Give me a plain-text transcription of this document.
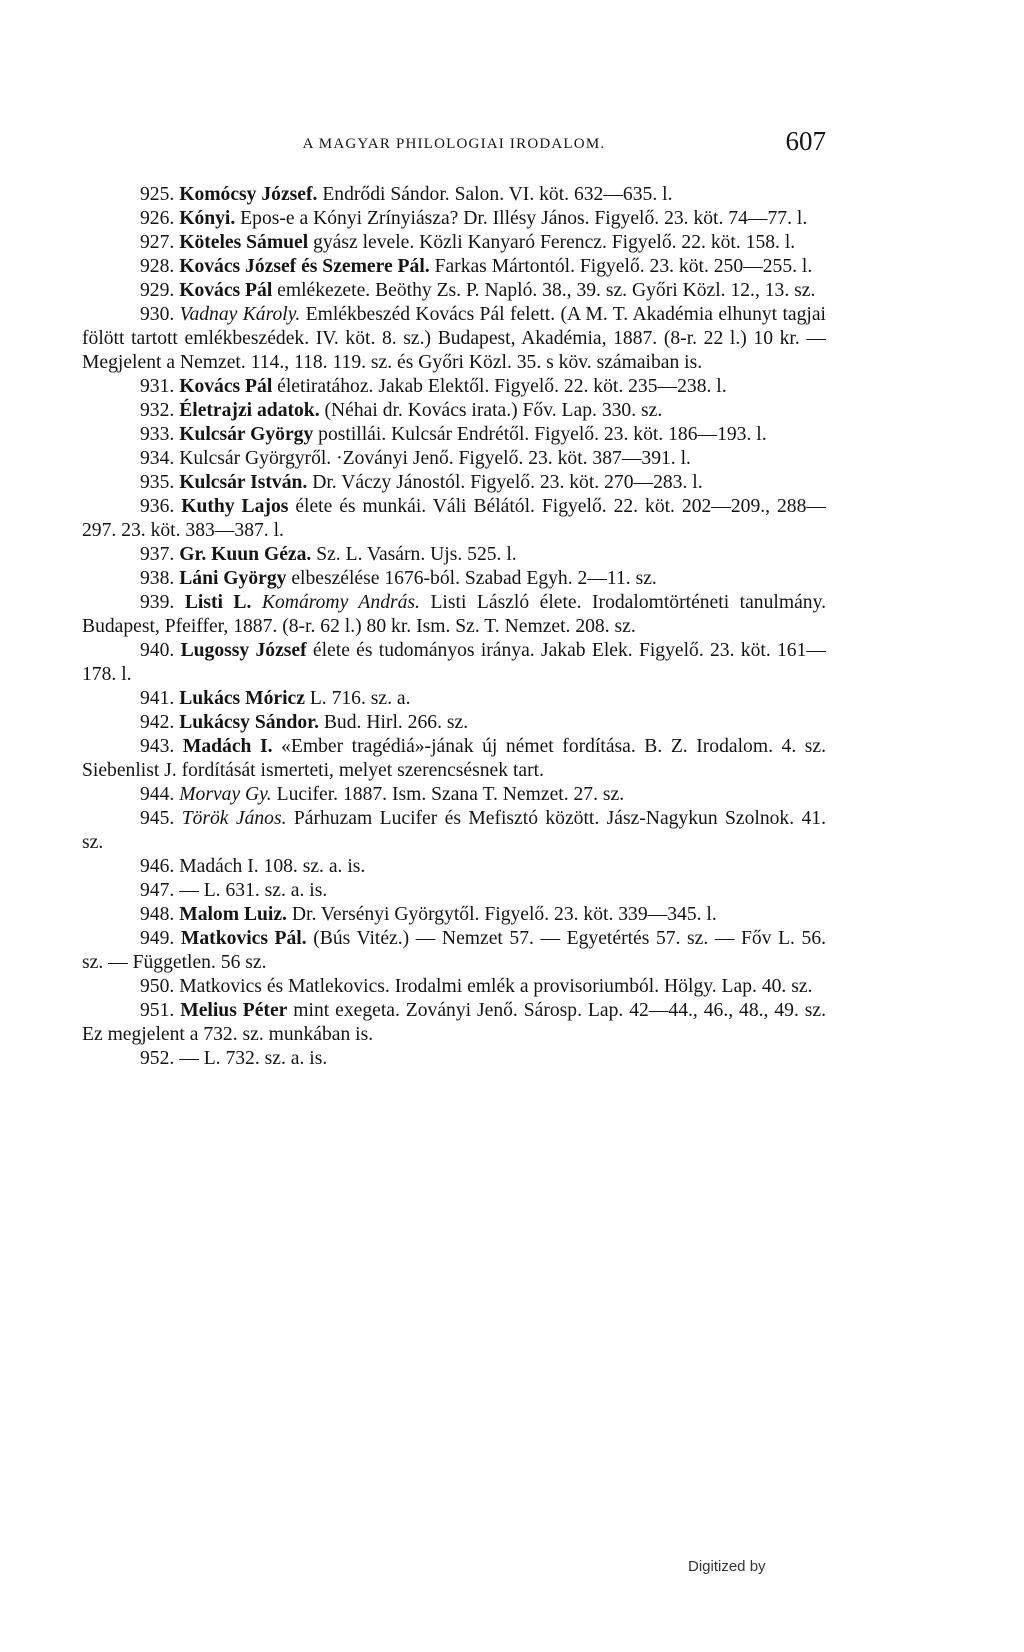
A MAGYAR PHILOLOGIAI IRODALOM.	607

925. Komócsy József. Endrődi Sándor. Salon. VI. köt. 632—635. l.

926. Kónyi. Epos-e a Kónyi Zrínyiásza? Dr. Illésy János. Figyelő. 23. köt. 74—77. l.

927. Köteles Sámuel gyász levele. Közli Kanyaró Ferencz. Figyelő. 22. köt. 158. l.

928. Kovács József és Szemere Pál. Farkas Mártontól. Figyelő. 23. köt. 250—255. l.

929. Kovács Pál emlékezete. Beöthy Zs. P. Napló. 38., 39. sz. Győri Közl. 12., 13. sz.

930. Vadnay Károly. Emlékbeszéd Kovács Pál felett. (A M. T. Akadémia elhunyt tagjai fölött tartott emlékbeszédek. IV. köt. 8. sz.) Budapest, Akadémia, 1887. (8-r. 22 l.) 10 kr. — Megjelent a Nemzet. 114., 118. 119. sz. és Győri Közl. 35. s köv. számaiban is.

931. Kovács Pál életiratához. Jakab Elektől. Figyelő. 22. köt. 235—238. l.

932. Életrajzi adatok. (Néhai dr. Kovács irata.) Főv. Lap. 330. sz.

933. Kulcsár György postillái. Kulcsár Endrétől. Figyelő. 23. köt. 186—193. l.

934. Kulcsár Györgyről. ·Zoványi Jenő. Figyelő. 23. köt. 387—391. l.

935. Kulcsár István. Dr. Váczy Jánostól. Figyelő. 23. köt. 270—283. l.

936. Kuthy Lajos élete és munkái. Váli Bélától. Figyelő. 22. köt. 202—209., 288—297. 23. köt. 383—387. l.

937. Gr. Kuun Géza. Sz. L. Vasárn. Ujs. 525. l.

938. Láni György elbeszélése 1676-ból. Szabad Egyh. 2—11. sz.

939. Listi L. Komáromy András. Listi László élete. Irodalomtörténeti tanulmány. Budapest, Pfeiffer, 1887. (8-r. 62 l.) 80 kr. Ism. Sz. T. Nemzet. 208. sz.

940. Lugossy József élete és tudományos iránya. Jakab Elek. Figyelő. 23. köt. 161—178. l.

941. Lukács Móricz L. 716. sz. a.

942. Lukácsy Sándor. Bud. Hirl. 266. sz.

943. Madách I. «Ember tragédiá»-jának új német fordítása. B. Z. Irodalom. 4. sz. Siebenlist J. fordítását ismerteti, melyet szerencsésnek tart.

944. Morvay Gy. Lucifer. 1887. Ism. Szana T. Nemzet. 27. sz.

945. Török János. Párhuzam Lucifer és Mefisztó között. Jász-Nagykun Szolnok. 41. sz.

946. Madách I. 108. sz. a. is.

947. — L. 631. sz. a. is.

948. Malom Luiz. Dr. Versényi Györgytől. Figyelő. 23. köt. 339—345. l.

949. Matkovics Pál. (Bús Vitéz.) — Nemzet 57. — Egyetértés 57. sz. — Főv L. 56. sz. — Független. 56 sz.

950. Matkovics és Matlekovics. Irodalmi emlék a provisoriumból. Hölgy. Lap. 40. sz.

951. Melius Péter mint exegeta. Zoványi Jenő. Sárosp. Lap. 42—44., 46., 48., 49. sz. Ez megjelent a 732. sz. munkában is.

952. — L. 732. sz. a. is.

Digitized by
